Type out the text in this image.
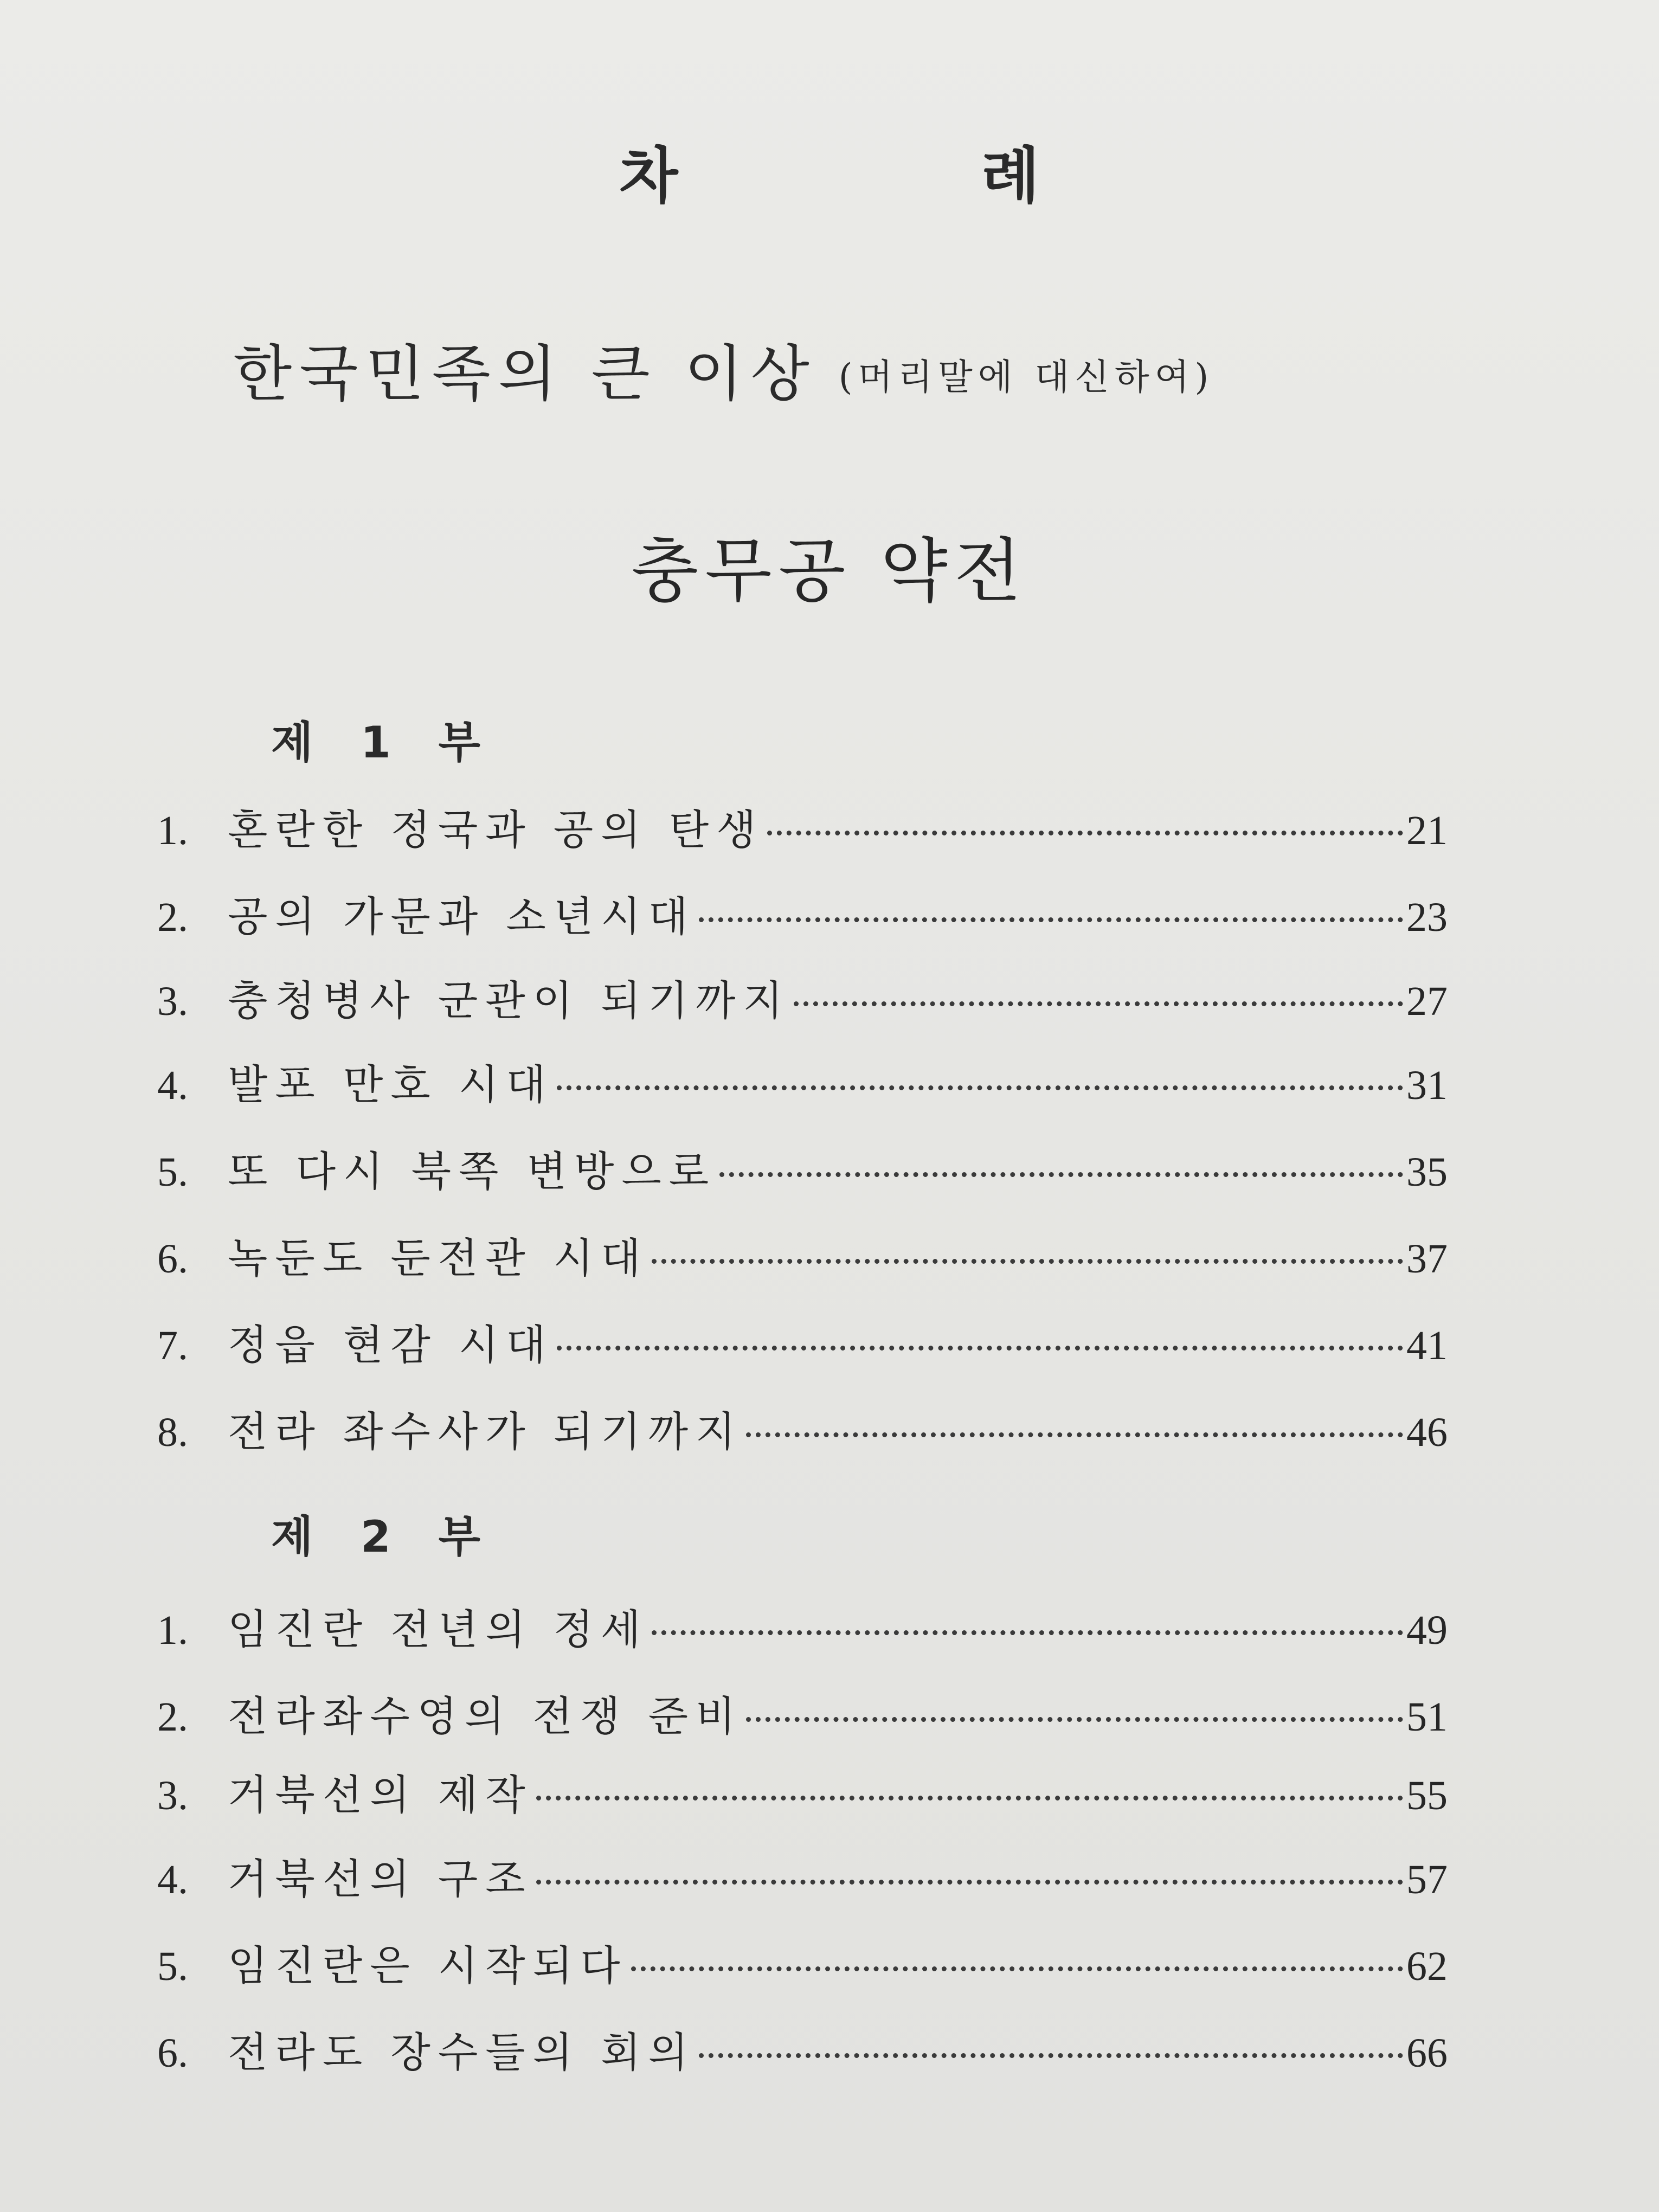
차 례
한국민족의 큰 이상 (머리말에 대신하여)
충무공 약전
제 1 부
1. 혼란한 정국과 공의 탄생	21
2. 공의 가문과 소년시대	23
3. 충청병사 군관이 되기까지	27
4. 발포 만호 시대	31
5. 또 다시 북쪽 변방으로	35
6. 녹둔도 둔전관 시대	37
7. 정읍 현감 시대	41
8. 전라 좌수사가 되기까지	46
제 2 부
1. 임진란 전년의 정세	49
2. 전라좌수영의 전쟁 준비	51
3. 거북선의 제작	55
4. 거북선의 구조	57
5. 임진란은 시작되다	62
6. 전라도 장수들의 회의	66
